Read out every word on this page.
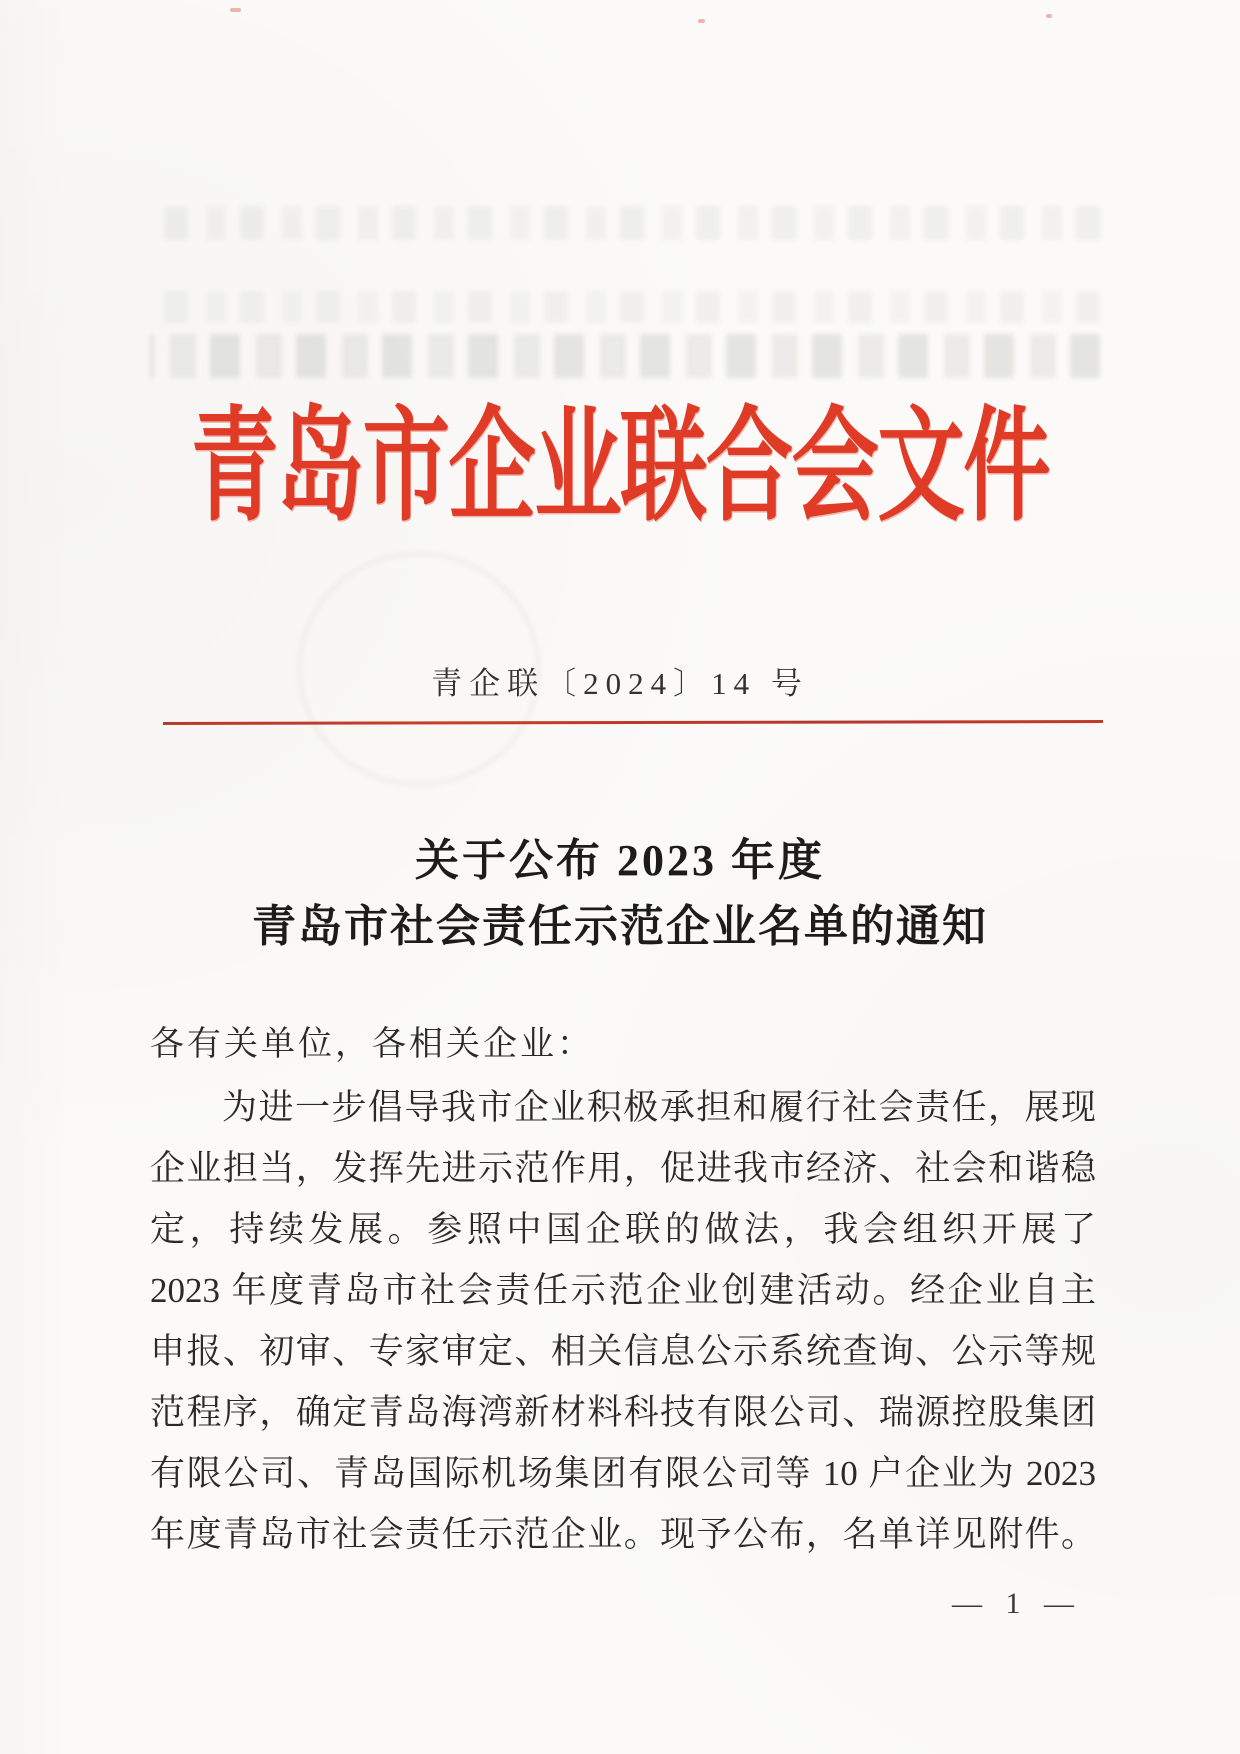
青岛市企业联合会文件
青企联〔2024〕14 号
关于公布 2023 年度
青岛市社会责任示范企业名单的通知
各有关单位，各相关企业：
为进一步倡导我市企业积极承担和履行社会责任，展现
企业担当，发挥先进示范作用，促进我市经济、社会和谐稳
定，持续发展。参照中国企联的做法，我会组织开展了
2023 年度青岛市社会责任示范企业创建活动。经企业自主
申报、初审、专家审定、相关信息公示系统查询、公示等规
范程序，确定青岛海湾新材料科技有限公司、瑞源控股集团
有限公司、青岛国际机场集团有限公司等 10 户企业为 2023
年度青岛市社会责任示范企业。现予公布，名单详见附件。
— 1 —
